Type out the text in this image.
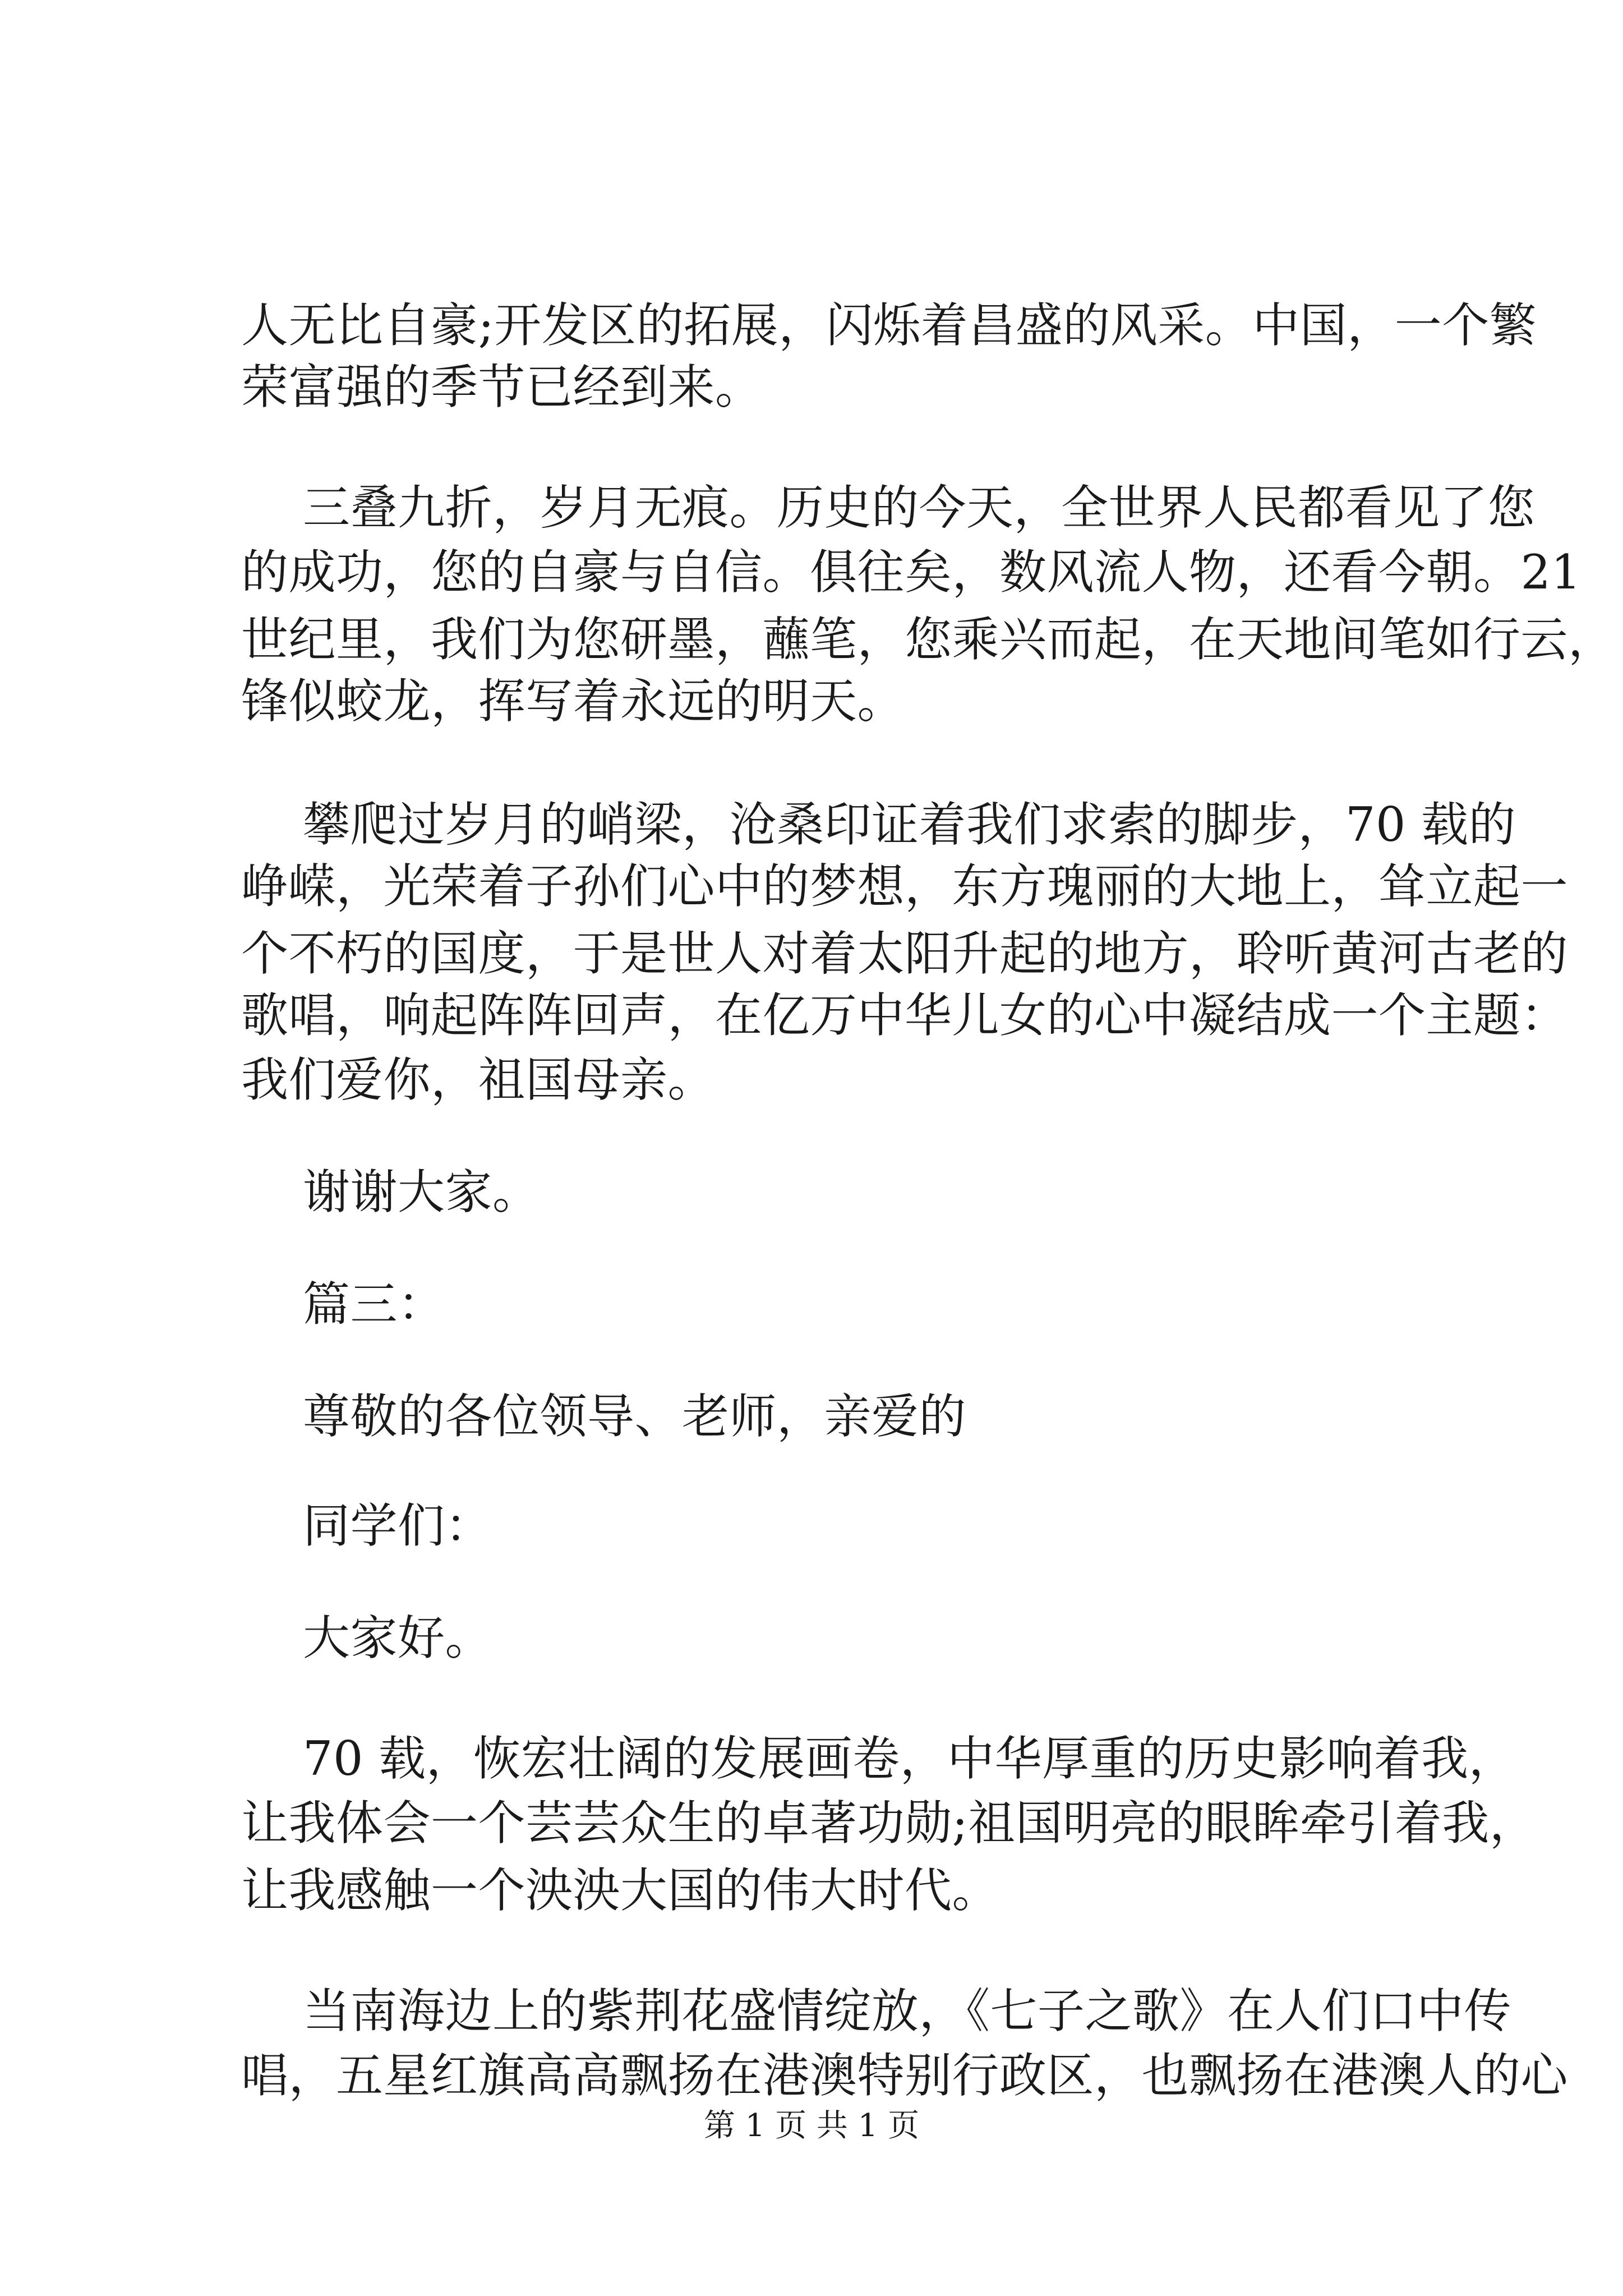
人无比自豪;开发区的拓展，闪烁着昌盛的风采。中国，一个繁
荣富强的季节已经到来。
三叠九折，岁月无痕。历史的今天，全世界人民都看见了您
的成功，您的自豪与自信。俱往矣，数风流人物，还看今朝。21
世纪里，我们为您研墨，蘸笔，您乘兴而起，在天地间笔如行云，
锋似蛟龙，挥写着永远的明天。
攀爬过岁月的峭梁，沧桑印证着我们求索的脚步，70 载的
峥嵘，光荣着子孙们心中的梦想，东方瑰丽的大地上，耸立起一
个不朽的国度，于是世人对着太阳升起的地方，聆听黄河古老的
歌唱，响起阵阵回声，在亿万中华儿女的心中凝结成一个主题：
我们爱你，祖国母亲。
谢谢大家。
篇三：
尊敬的各位领导、老师，亲爱的
同学们：
大家好。
70 载，恢宏壮阔的发展画卷，中华厚重的历史影响着我，
让我体会一个芸芸众生的卓著功勋;祖国明亮的眼眸牵引着我，
让我感触一个泱泱大国的伟大时代。
当南海边上的紫荆花盛情绽放，《七子之歌》在人们口中传
唱，五星红旗高高飘扬在港澳特别行政区，也飘扬在港澳人的心
第 1 页 共 1 页
